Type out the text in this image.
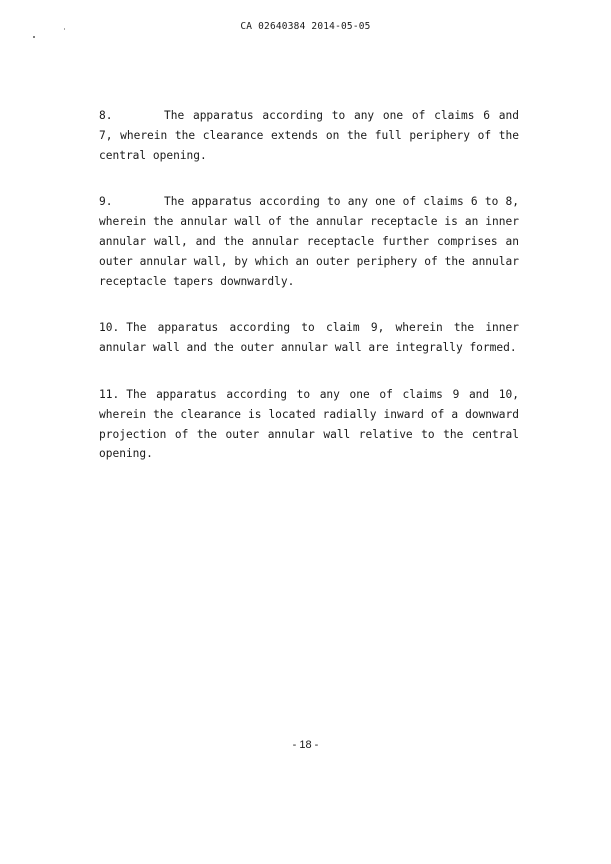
CA 02640384 2014-05-05

8.	The apparatus according to any one of claims 6 and 7, wherein the clearance extends on the full periphery of the central opening.

9.	The apparatus according to any one of claims 6 to 8, wherein the annular wall of the annular receptacle is an inner annular wall, and the annular receptacle further comprises an outer annular wall, by which an outer periphery of the annular receptacle tapers downwardly.

10. The apparatus according to claim 9, wherein the inner annular wall and the outer annular wall are integrally formed.

11. The apparatus according to any one of claims 9 and 10, wherein the clearance is located radially inward of a downward projection of the outer annular wall relative to the central opening.

- 18 -
